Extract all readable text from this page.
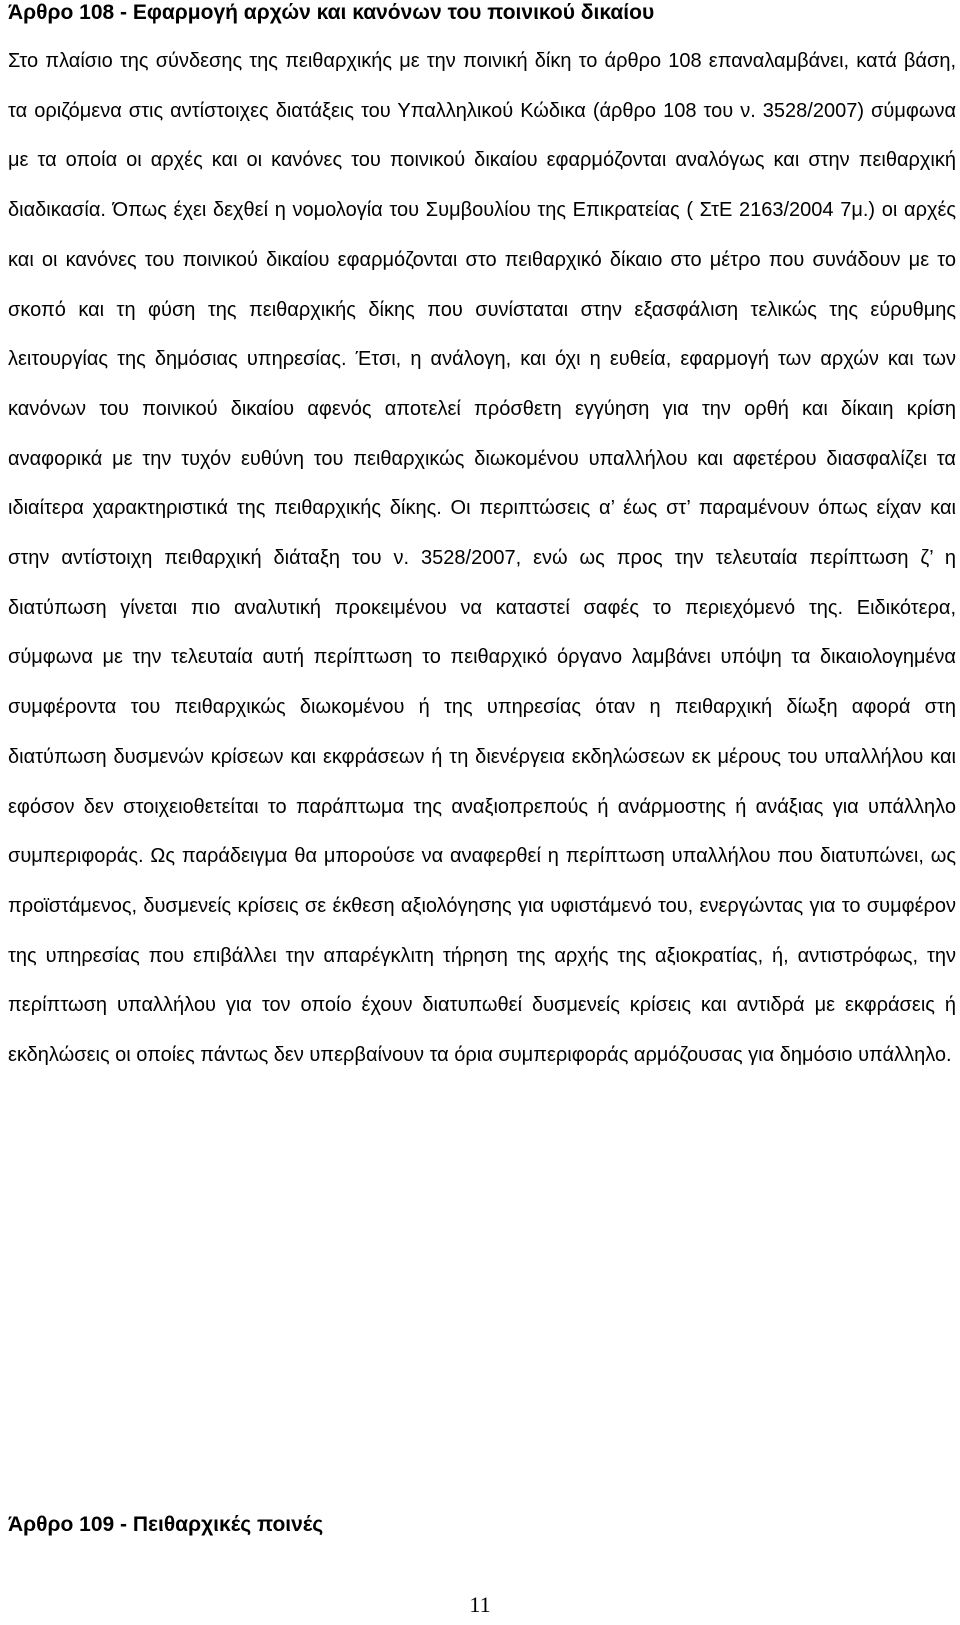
Άρθρο 108 - Εφαρμογή αρχών και κανόνων του ποινικού δικαίου

Στο πλαίσιο της σύνδεσης της πειθαρχικής με την ποινική δίκη το άρθρο 108 επαναλαμβάνει, κατά βάση, τα οριζόμενα στις αντίστοιχες διατάξεις του Υπαλληλικού Κώδικα (άρθρο 108 του ν. 3528/2007) σύμφωνα με τα οποία οι αρχές και οι κανόνες του ποινικού δικαίου εφαρμόζονται αναλόγως και στην πειθαρχική διαδικασία. Όπως έχει δεχθεί η νομολογία του Συμβουλίου της Επικρατείας ( ΣτΕ 2163/2004 7μ.) οι αρχές και οι κανόνες του ποινικού δικαίου εφαρμόζονται στο πειθαρχικό δίκαιο στο μέτρο που συνάδουν με το σκοπό και τη φύση της πειθαρχικής δίκης που συνίσταται στην εξασφάλιση τελικώς της εύρυθμης λειτουργίας της δημόσιας υπηρεσίας. Έτσι, η ανάλογη, και όχι η ευθεία, εφαρμογή των αρχών και των κανόνων του ποινικού δικαίου αφενός αποτελεί πρόσθετη εγγύηση για την ορθή και δίκαιη κρίση αναφορικά με την τυχόν ευθύνη του πειθαρχικώς διωκομένου υπαλλήλου και αφετέρου διασφαλίζει τα ιδιαίτερα χαρακτηριστικά της πειθαρχικής δίκης. Οι περιπτώσεις α’ έως στ’ παραμένουν όπως είχαν και στην αντίστοιχη πειθαρχική διάταξη του ν. 3528/2007, ενώ ως προς την τελευταία περίπτωση ζ’ η διατύπωση γίνεται πιο αναλυτική προκειμένου να καταστεί σαφές το περιεχόμενό της. Ειδικότερα, σύμφωνα με την τελευταία αυτή περίπτωση το πειθαρχικό όργανο λαμβάνει υπόψη τα δικαιολογημένα συμφέροντα του πειθαρχικώς διωκομένου ή της υπηρεσίας όταν η πειθαρχική δίωξη αφορά στη διατύπωση δυσμενών κρίσεων και εκφράσεων ή τη διενέργεια εκδηλώσεων εκ μέρους του υπαλλήλου και εφόσον δεν στοιχειοθετείται το παράπτωμα της αναξιοπρεπούς ή ανάρμοστης ή ανάξιας για υπάλληλο συμπεριφοράς. Ως παράδειγμα θα μπορούσε να αναφερθεί η περίπτωση υπαλλήλου που διατυπώνει, ως προϊστάμενος, δυσμενείς κρίσεις σε έκθεση αξιολόγησης για υφιστάμενό του, ενεργώντας για το συμφέρον της υπηρεσίας που επιβάλλει την απαρέγκλιτη τήρηση της αρχής της αξιοκρατίας, ή, αντιστρόφως, την περίπτωση υπαλλήλου για τον οποίο έχουν διατυπωθεί δυσμενείς κρίσεις και αντιδρά με εκφράσεις ή εκδηλώσεις οι οποίες πάντως δεν υπερβαίνουν τα όρια συμπεριφοράς αρμόζουσας για δημόσιο υπάλληλο.

Άρθρο 109 - Πειθαρχικές ποινές
11
